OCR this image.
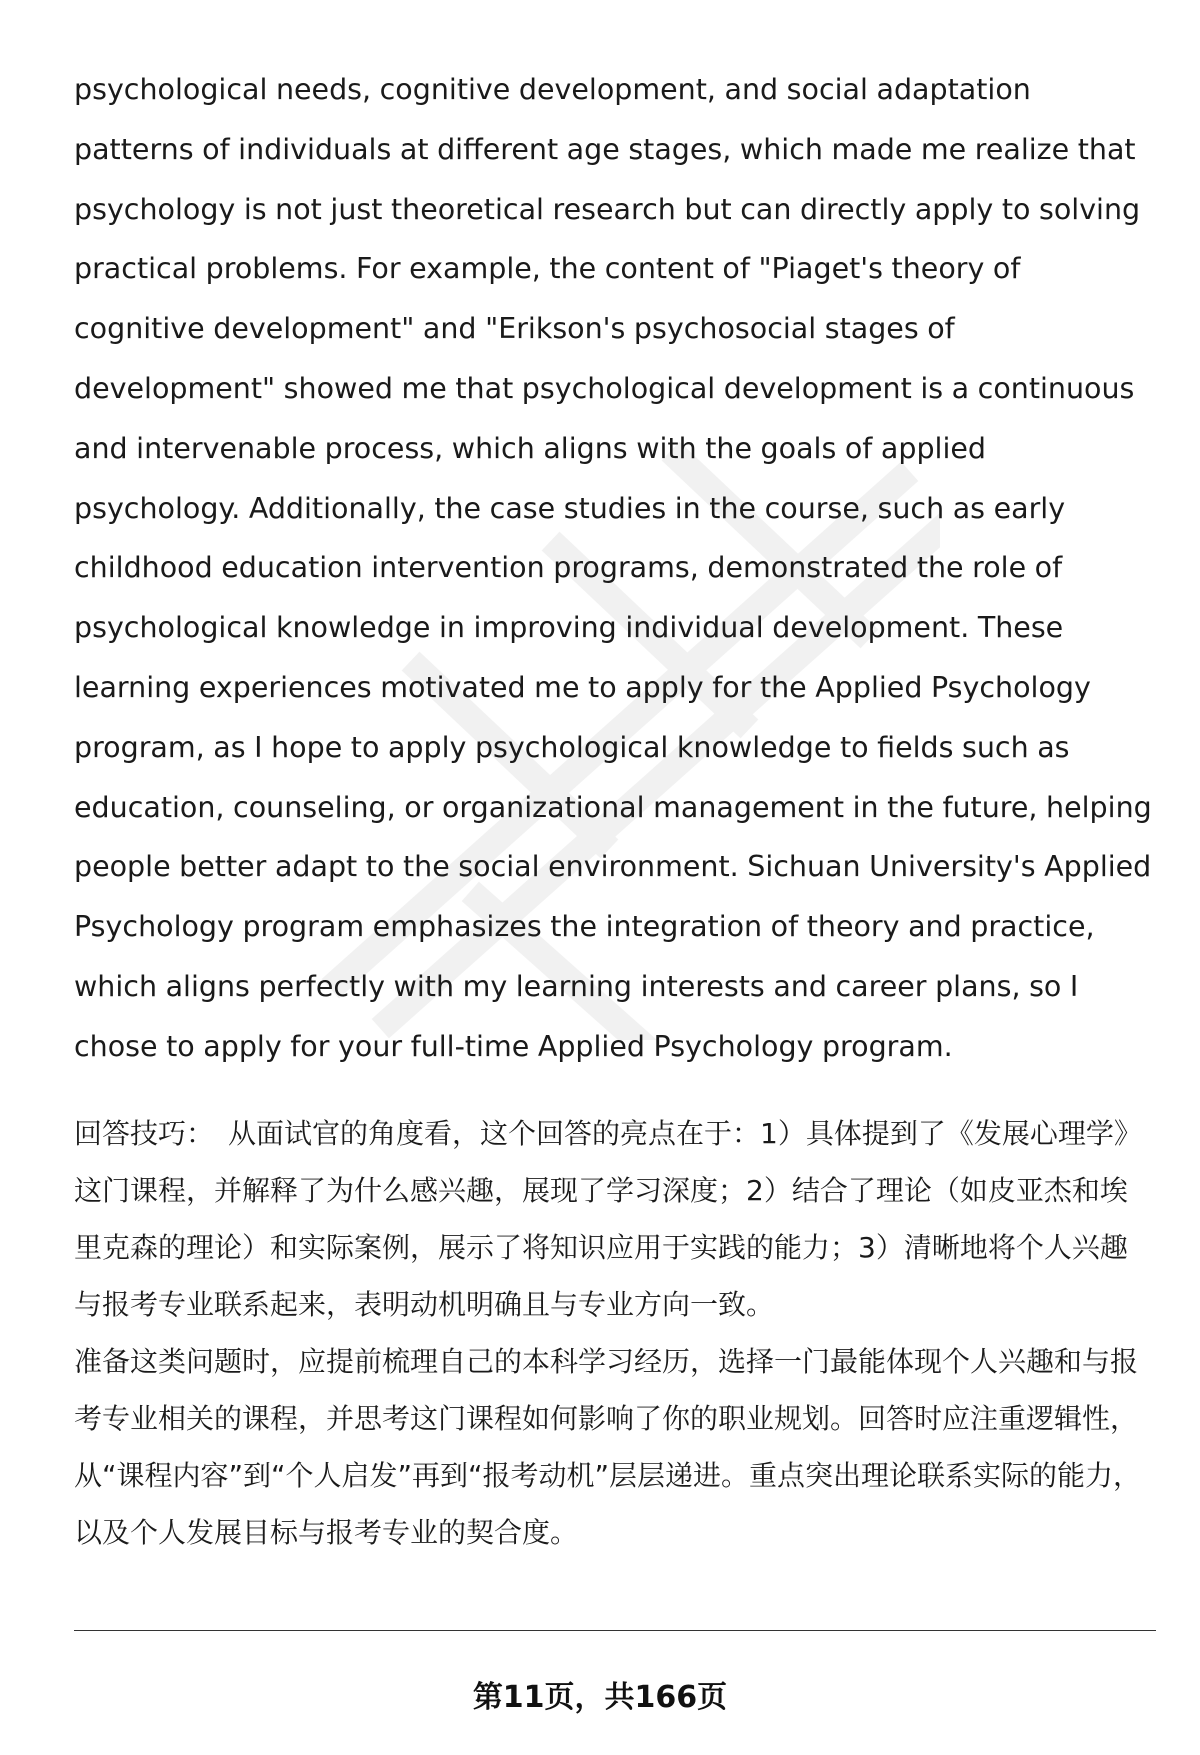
psychological needs, cognitive development, and social adaptation patterns of individuals at different age stages, which made me realize that psychology is not just theoretical research but can directly apply to solving practical problems. For example, the content of "Piaget's theory of cognitive development" and "Erikson's psychosocial stages of development" showed me that psychological development is a continuous and intervenable process, which aligns with the goals of applied psychology. Additionally, the case studies in the course, such as early childhood education intervention programs, demonstrated the role of psychological knowledge in improving individual development. These learning experiences motivated me to apply for the Applied Psychology program, as I hope to apply psychological knowledge to fields such as education, counseling, or organizational management in the future, helping people better adapt to the social environment. Sichuan University's Applied Psychology program emphasizes the integration of theory and practice, which aligns perfectly with my learning interests and career plans, so I chose to apply for your full-time Applied Psychology program.

回答技巧： 从面试官的角度看，这个回答的亮点在于：1）具体提到了《发展心理学》这门课程，并解释了为什么感兴趣，展现了学习深度；2）结合了理论（如皮亚杰和埃里克森的理论）和实际案例，展示了将知识应用于实践的能力；3）清晰地将个人兴趣与报考专业联系起来，表明动机明确且与专业方向一致。

准备这类问题时，应提前梳理自己的本科学习经历，选择一门最能体现个人兴趣和与报考专业相关的课程，并思考这门课程如何影响了你的职业规划。回答时应注重逻辑性，从“课程内容”到“个人启发”再到“报考动机”层层递进。重点突出理论联系实际的能力，以及个人发展目标与报考专业的契合度。

第11页，共166页
